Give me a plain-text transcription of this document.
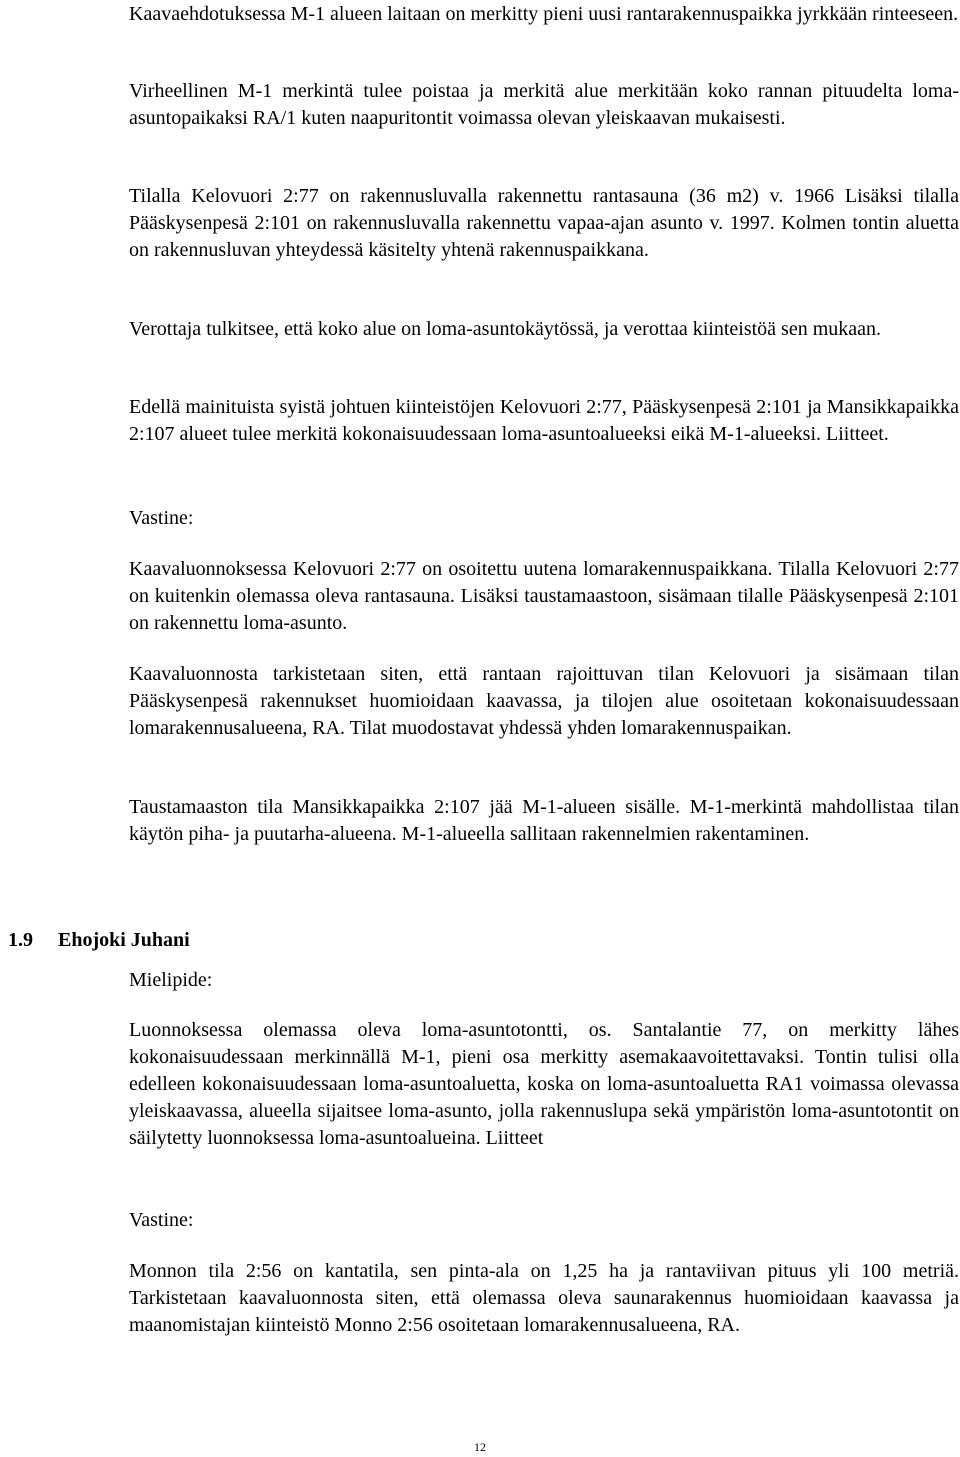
Kaavaehdotuksessa M-1 alueen laitaan on merkitty pieni uusi rantarakennuspaikka jyrkkään rinteeseen.

Virheellinen M-1 merkintä tulee poistaa ja merkitä alue merkitään koko rannan pituudelta loma-asuntopaikaksi RA/1 kuten naapuritontit voimassa olevan yleiskaavan mukaisesti.

Tilalla Kelovuori 2:77 on rakennusluvalla rakennettu rantasauna (36 m2) v. 1966 Lisäksi tilalla Pääskysenpesä 2:101 on rakennusluvalla rakennettu vapaa-ajan asunto v. 1997. Kolmen tontin aluetta on rakennusluvan yhteydessä käsitelty yhtenä rakennuspaikkana.

Verottaja tulkitsee, että koko alue on loma-asuntokäytössä, ja verottaa kiinteistöä sen mukaan.

Edellä mainituista syistä johtuen kiinteistöjen Kelovuori 2:77, Pääskysenpesä 2:101 ja Mansikkapaikka 2:107 alueet tulee merkitä kokonaisuudessaan loma-asuntoalueeksi eikä M-1-alueeksi. Liitteet.

Vastine:

Kaavaluonnoksessa Kelovuori 2:77 on osoitettu uutena lomarakennuspaikkana. Tilalla Kelovuori 2:77 on kuitenkin olemassa oleva rantasauna. Lisäksi taustamaastoon, sisämaan tilalle Pääskysenpesä 2:101 on rakennettu loma-asunto.

Kaavaluonnosta tarkistetaan siten, että rantaan rajoittuvan tilan Kelovuori ja sisämaan tilan Pääskysenpesä rakennukset huomioidaan kaavassa, ja tilojen alue osoitetaan kokonaisuudessaan lomarakennusalueena, RA. Tilat muodostavat yhdessä yhden lomarakennuspaikan.

Taustamaaston tila Mansikkapaikka 2:107 jää M-1-alueen sisälle. M-1-merkintä mahdollistaa tilan käytön piha- ja puutarha-alueena. M-1-alueella sallitaan rakennelmien rakentaminen.

Mielipide:

Luonnoksessa olemassa oleva loma-asuntotontti, os. Santalantie 77, on merkitty lähes kokonaisuudessaan merkinnällä M-1, pieni osa merkitty asemakaavoitettavaksi. Tontin tulisi olla edelleen kokonaisuudessaan loma-asuntoaluetta, koska on loma-asuntoaluetta RA1 voimassa olevassa yleiskaavassa, alueella sijaitsee loma-asunto, jolla rakennuslupa sekä ympäristön loma-asuntotontit on säilytetty luonnoksessa loma-asuntoalueina. Liitteet

Vastine:

Monnon tila 2:56 on kantatila, sen pinta-ala on 1,25 ha ja rantaviivan pituus yli 100 metriä. Tarkistetaan kaavaluonnosta siten, että olemassa oleva saunarakennus huomioidaan kaavassa ja maanomistajan kiinteistö Monno 2:56 osoitetaan lomarakennusalueena, RA.

1.9 Ehojoki Juhani
12
